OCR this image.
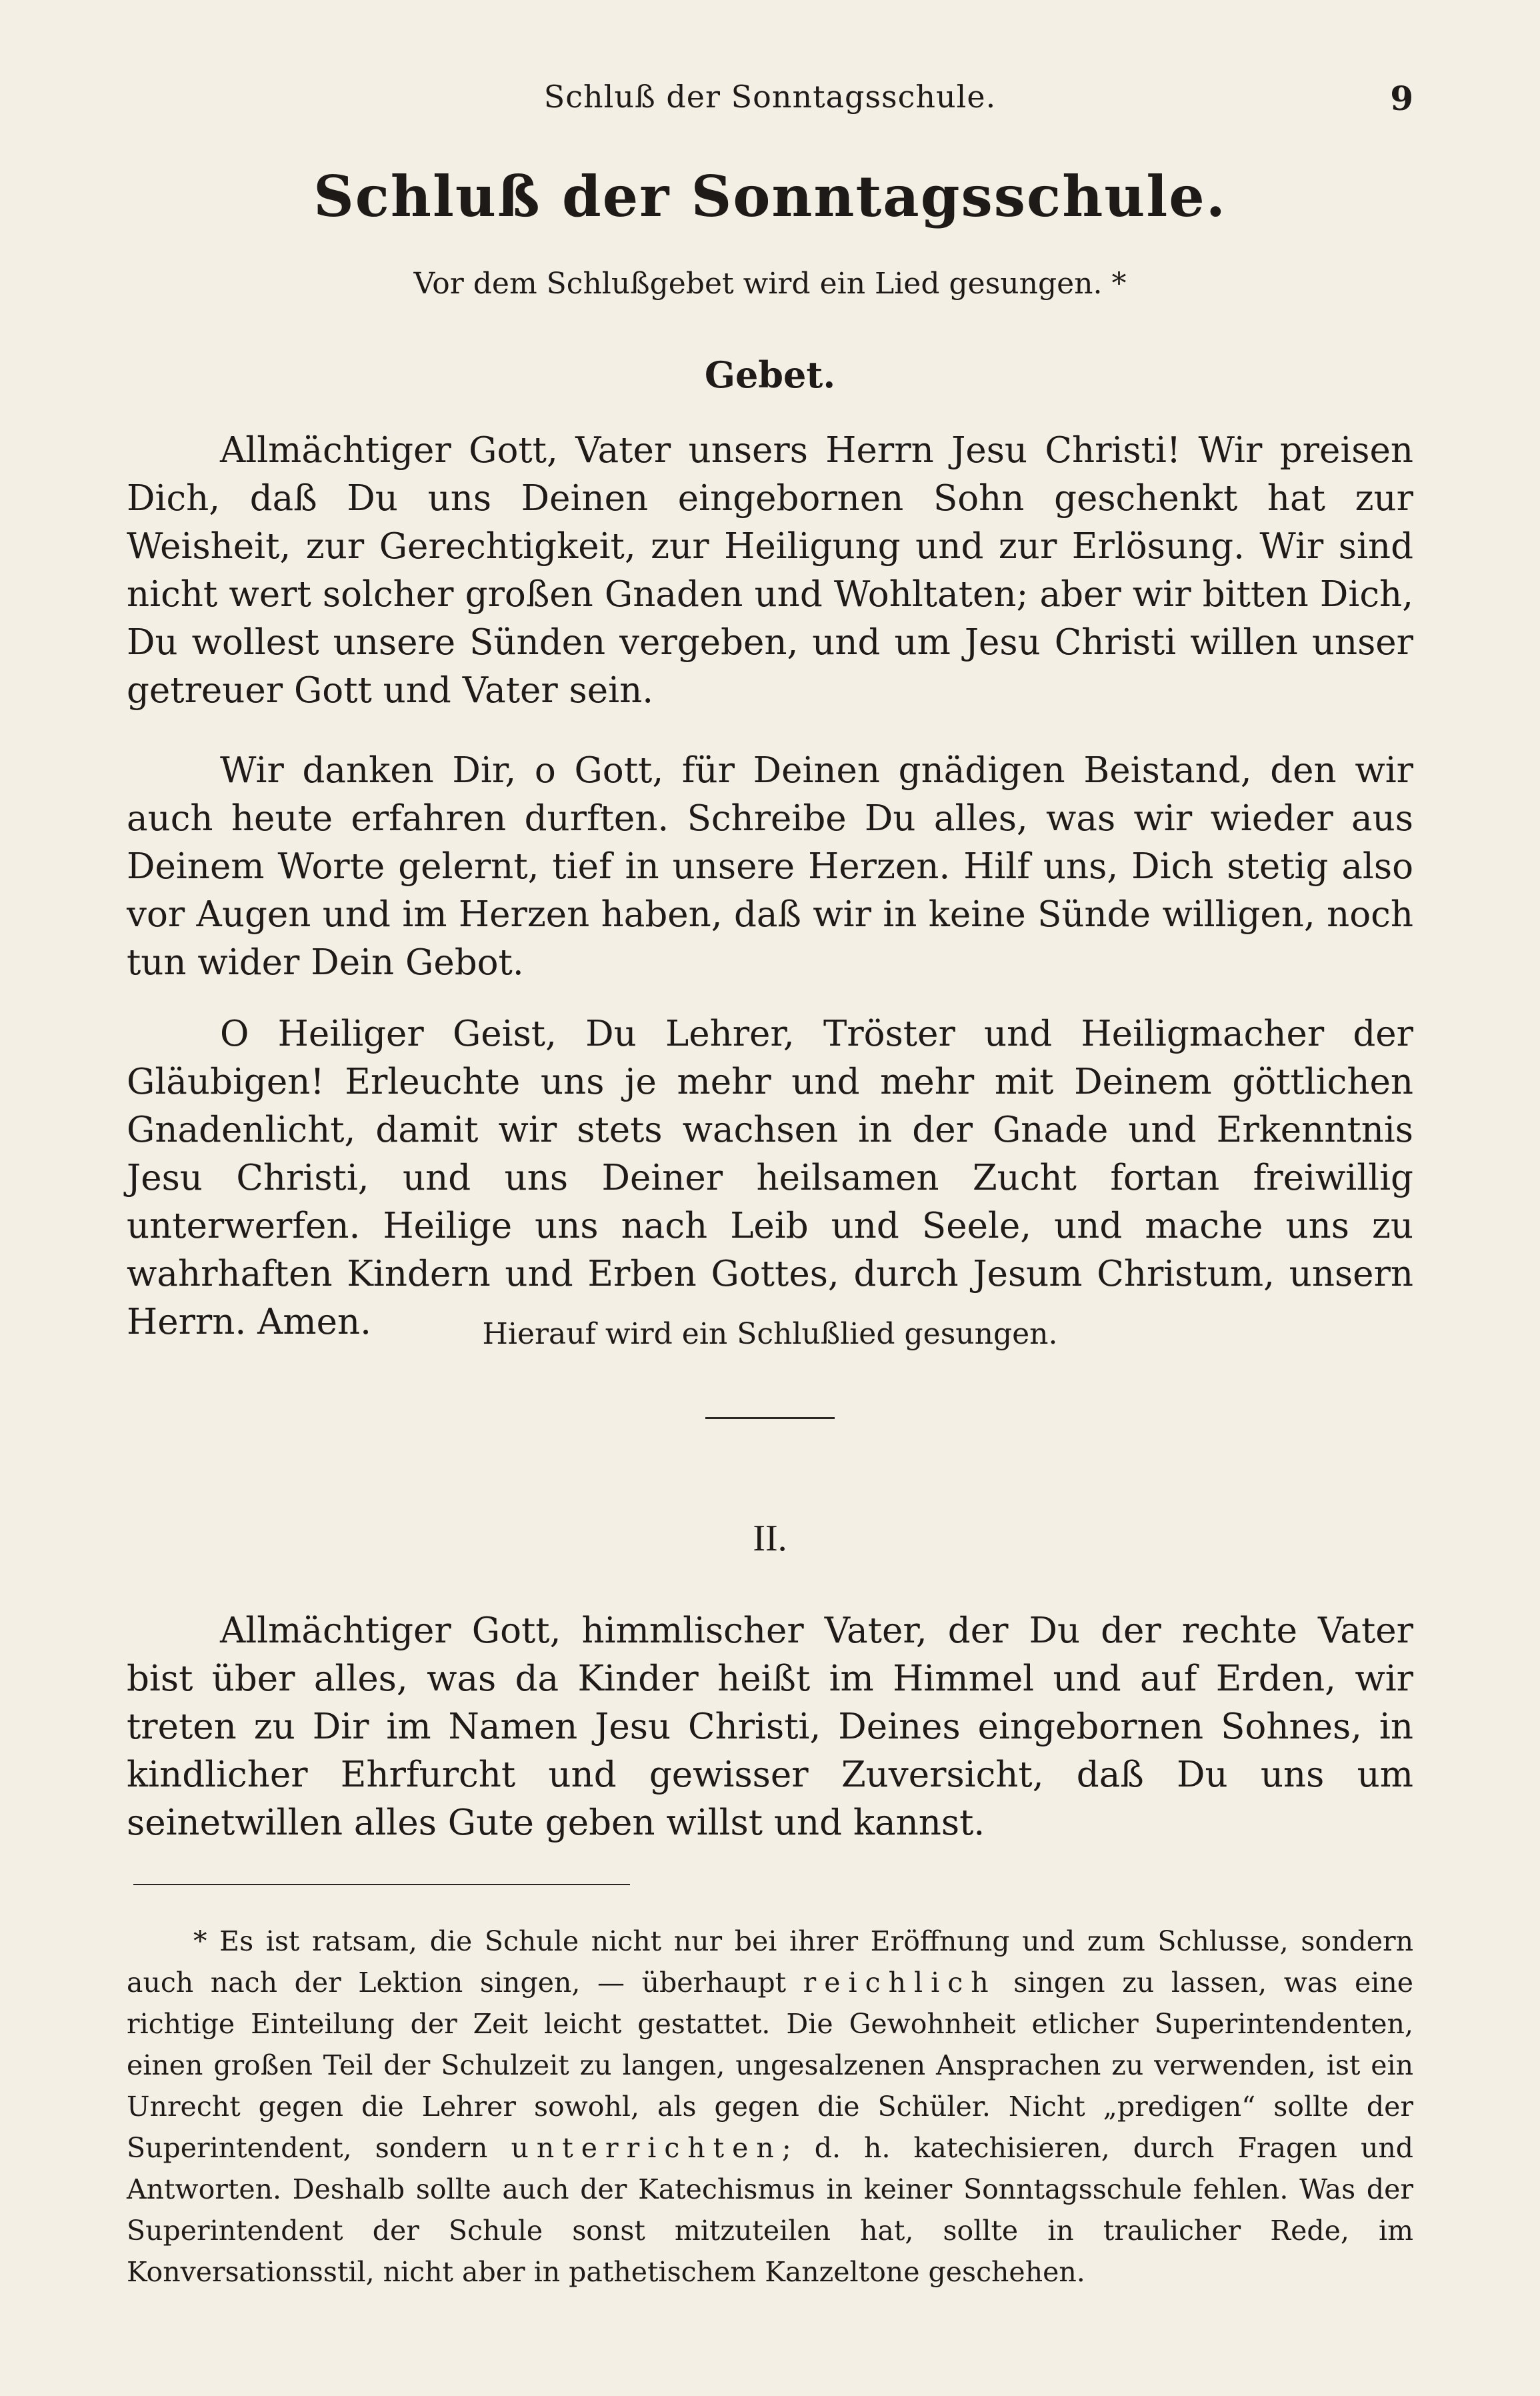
Schluß der Sonntagsschule.	9
Schluß der Sonntagsschule.
Vor dem Schlußgebet wird ein Lied gesungen. *
Gebet.

Allmächtiger Gott, Vater unsers Herrn Jesu Christi! Wir preisen Dich, daß Du uns Deinen eingebornen Sohn geschenkt hat zur Weisheit, zur Gerechtigkeit, zur Heiligung und zur Erlösung. Wir sind nicht wert solcher großen Gnaden und Wohltaten; aber wir bitten Dich, Du wollest unsere Sünden vergeben, und um Jesu Christi willen unser getreuer Gott und Vater sein.

Wir danken Dir, o Gott, für Deinen gnädigen Beistand, den wir auch heute erfahren durften. Schreibe Du alles, was wir wieder aus Deinem Worte gelernt, tief in unsere Herzen. Hilf uns, Dich stetig also vor Augen und im Herzen haben, daß wir in keine Sünde willigen, noch tun wider Dein Gebot.

O Heiliger Geist, Du Lehrer, Tröster und Heiligmacher der Gläubigen! Erleuchte uns je mehr und mehr mit Deinem göttlichen Gnadenlicht, damit wir stets wachsen in der Gnade und Erkenntnis Jesu Christi, und uns Deiner heilsamen Zucht fortan freiwillig unterwerfen. Heilige uns nach Leib und Seele, und mache uns zu wahrhaften Kindern und Erben Gottes, durch Jesum Christum, unsern Herrn. Amen.	Hierauf wird ein Schlußlied gesungen.
II.

Allmächtiger Gott, himmlischer Vater, der Du der rechte Vater bist über alles, was da Kinder heißt im Himmel und auf Erden, wir treten zu Dir im Namen Jesu Christi, Deines eingebornen Sohnes, in kindlicher Ehrfurcht und gewisser Zuversicht, daß Du uns um seinetwillen alles Gute geben willst und kannst.

* Es ist ratsam, die Schule nicht nur bei ihrer Eröffnung und zum Schlusse, sondern auch nach der Lektion singen, — überhaupt reichlich singen zu lassen, was eine richtige Einteilung der Zeit leicht gestattet. Die Gewohnheit etlicher Superintendenten, einen großen Teil der Schulzeit zu langen, ungesalzenen Ansprachen zu verwenden, ist ein Unrecht gegen die Lehrer sowohl, als gegen die Schüler. Nicht „predigen“ sollte der Superintendent, sondern unterrichten; d. h. katechisieren, durch Fragen und Antworten. Deshalb sollte auch der Katechismus in keiner Sonntagsschule fehlen. Was der Superintendent der Schule sonst mitzuteilen hat, sollte in traulicher Rede, im Konversationsstil, nicht aber in pathetischem Kanzeltone geschehen.
